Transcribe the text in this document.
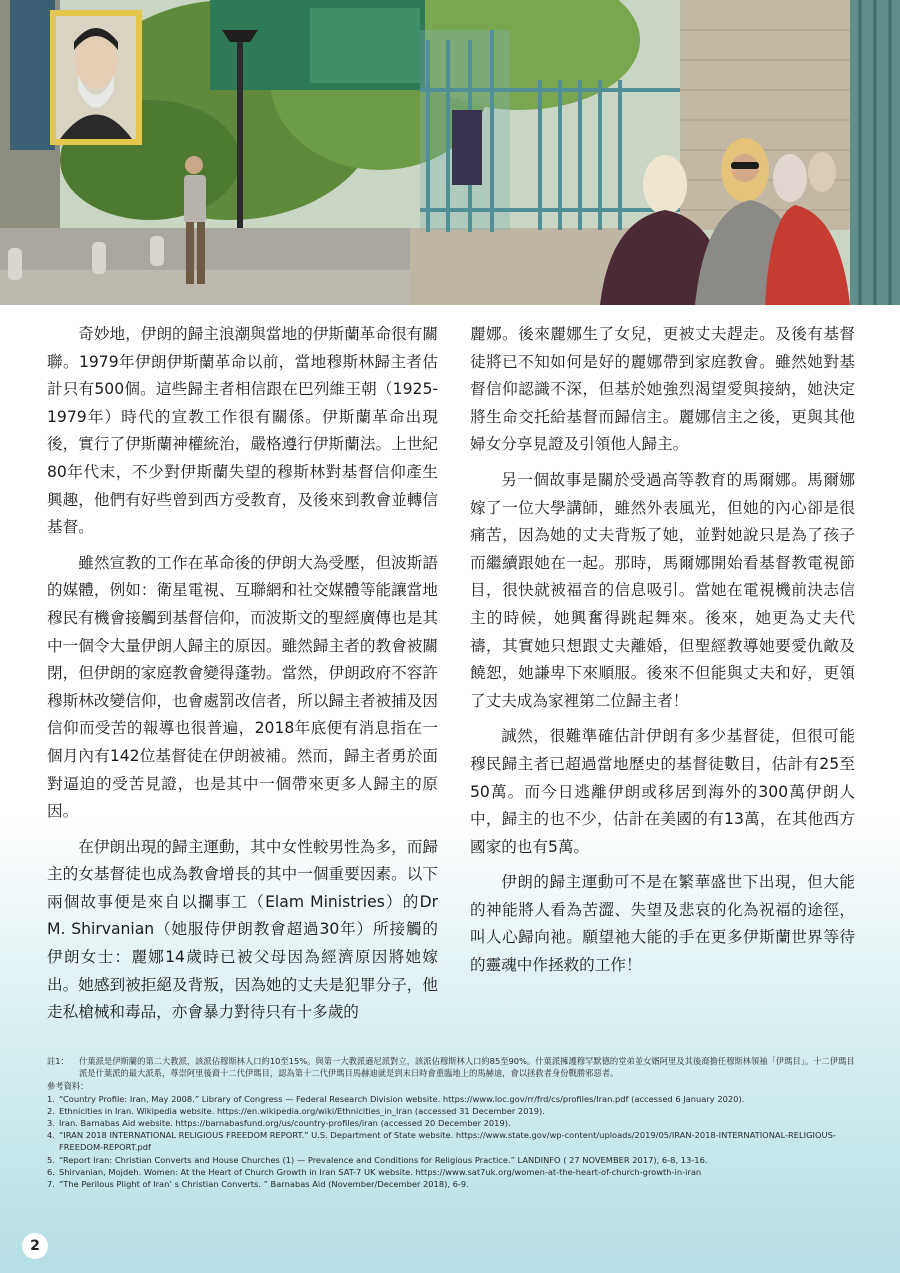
奇妙地，伊朗的歸主浪潮與當地的伊斯蘭革命很有關聯。1979年伊朗伊斯蘭革命以前，當地穆斯林歸主者估計只有500個。這些歸主者相信跟在巴列維王朝（1925-1979年）時代的宣教工作很有關係。伊斯蘭革命出現後，實行了伊斯蘭神權統治，嚴格遵行伊斯蘭法。上世紀80年代末，不少對伊斯蘭失望的穆斯林對基督信仰產生興趣，他們有好些曾到西方受教育，及後來到教會並轉信基督。

雖然宣教的工作在革命後的伊朗大為受壓，但波斯語的媒體，例如：衛星電視、互聯網和社交媒體等能讓當地穆民有機會接觸到基督信仰，而波斯文的聖經廣傳也是其中一個令大量伊朗人歸主的原因。雖然歸主者的教會被關閉，但伊朗的家庭教會變得蓬勃。當然，伊朗政府不容許穆斯林改變信仰，也會處罰改信者，所以歸主者被捕及因信仰而受苦的報導也很普遍，2018年底便有消息指在一個月內有142位基督徒在伊朗被補。然而，歸主者勇於面對逼迫的受苦見證，也是其中一個帶來更多人歸主的原因。

在伊朗出現的歸主運動，其中女性較男性為多，而歸主的女基督徒也成為教會增長的其中一個重要因素。以下兩個故事便是來自以攔事工（Elam Ministries）的Dr M. Shirvanian（她服侍伊朗教會超過30年）所接觸的伊朗女士：麗娜14歲時已被父母因為經濟原因將她嫁出。她感到被拒絕及背叛，因為她的丈夫是犯罪分子，他走私槍械和毒品，亦會暴力對待只有十多歲的

麗娜。後來麗娜生了女兒，更被丈夫趕走。及後有基督徒將已不知如何是好的麗娜帶到家庭教會。雖然她對基督信仰認識不深，但基於她強烈渴望愛與接納，她決定將生命交托給基督而歸信主。麗娜信主之後，更與其他婦女分享見證及引領他人歸主。

另一個故事是關於受過高等教育的馬爾娜。馬爾娜嫁了一位大學講師，雖然外表風光，但她的內心卻是很痛苦，因為她的丈夫背叛了她，並對她說只是為了孩子而繼續跟她在一起。那時，馬爾娜開始看基督教電視節目，很快就被福音的信息吸引。當她在電視機前決志信主的時候，她興奮得跳起舞來。後來，她更為丈夫代禱，其實她只想跟丈夫離婚，但聖經教導她要愛仇敵及饒恕，她謙卑下來順服。後來不但能與丈夫和好，更領了丈夫成為家裡第二位歸主者！

誠然，很難準確估計伊朗有多少基督徒，但很可能穆民歸主者已超過當地歷史的基督徒數目，估計有25至50萬。而今日逃離伊朗或移居到海外的300萬伊朗人中，歸主的也不少，估計在美國的有13萬，在其他西方國家的也有5萬。

伊朗的歸主運動可不是在繁華盛世下出現，但大能的神能將人看為苦澀、失望及悲哀的化為祝福的途徑，叫人心歸向祂。願望祂大能的手在更多伊斯蘭世界等待的靈魂中作拯救的工作！

註1：	什葉派是伊斯蘭的第二大教派，該派佔穆斯林人口約10至15%。與第一大教派遜尼派對立，該派佔穆斯林人口約85至90%。什葉派擁護穆罕默德的堂弟並女婿阿里及其後裔擔任穆斯林領袖「伊瑪目」。十二伊瑪目派是什葉派的最大派系，尊崇阿里後裔十二代伊瑪目，認為第十二代伊瑪目馬赫迪就是到末日時會重臨地上的馬赫迪，會以拯救者身份戰勝邪惡者。
參考資料：
1. “Country Profile: Iran, May 2008.” Library of Congress — Federal Research Division website. https://www.loc.gov/rr/frd/cs/profiles/Iran.pdf (accessed 6 January 2020).
2. Ethnicities in Iran. Wikipedia website. https://en.wikipedia.org/wiki/Ethnicities_in_Iran (accessed 31 December 2019).
3. Iran. Barnabas Aid website. https://barnabasfund.org/us/country-profiles/iran (accessed 20 December 2019).
4. “IRAN 2018 INTERNATIONAL RELIGIOUS FREEDOM REPORT.” U.S. Department of State website. https://www.state.gov/wp-content/uploads/2019/05/IRAN-2018-INTERNATIONAL-RELIGIOUS-FREEDOM-REPORT.pdf
5. “Report Iran: Christian Converts and House Churches (1) — Prevalence and Conditions for Religious Practice.” LANDINFO ( 27 NOVEMBER 2017), 6-8, 13-16.
6. Shirvanian, Mojdeh. Women: At the Heart of Church Growth in Iran SAT-7 UK website. https://www.sat7uk.org/women-at-the-heart-of-church-growth-in-iran
7. “The Perilous Plight of Iran’ s Christian Converts. ” Barnabas Aid (November/December 2018), 6-9.
2
